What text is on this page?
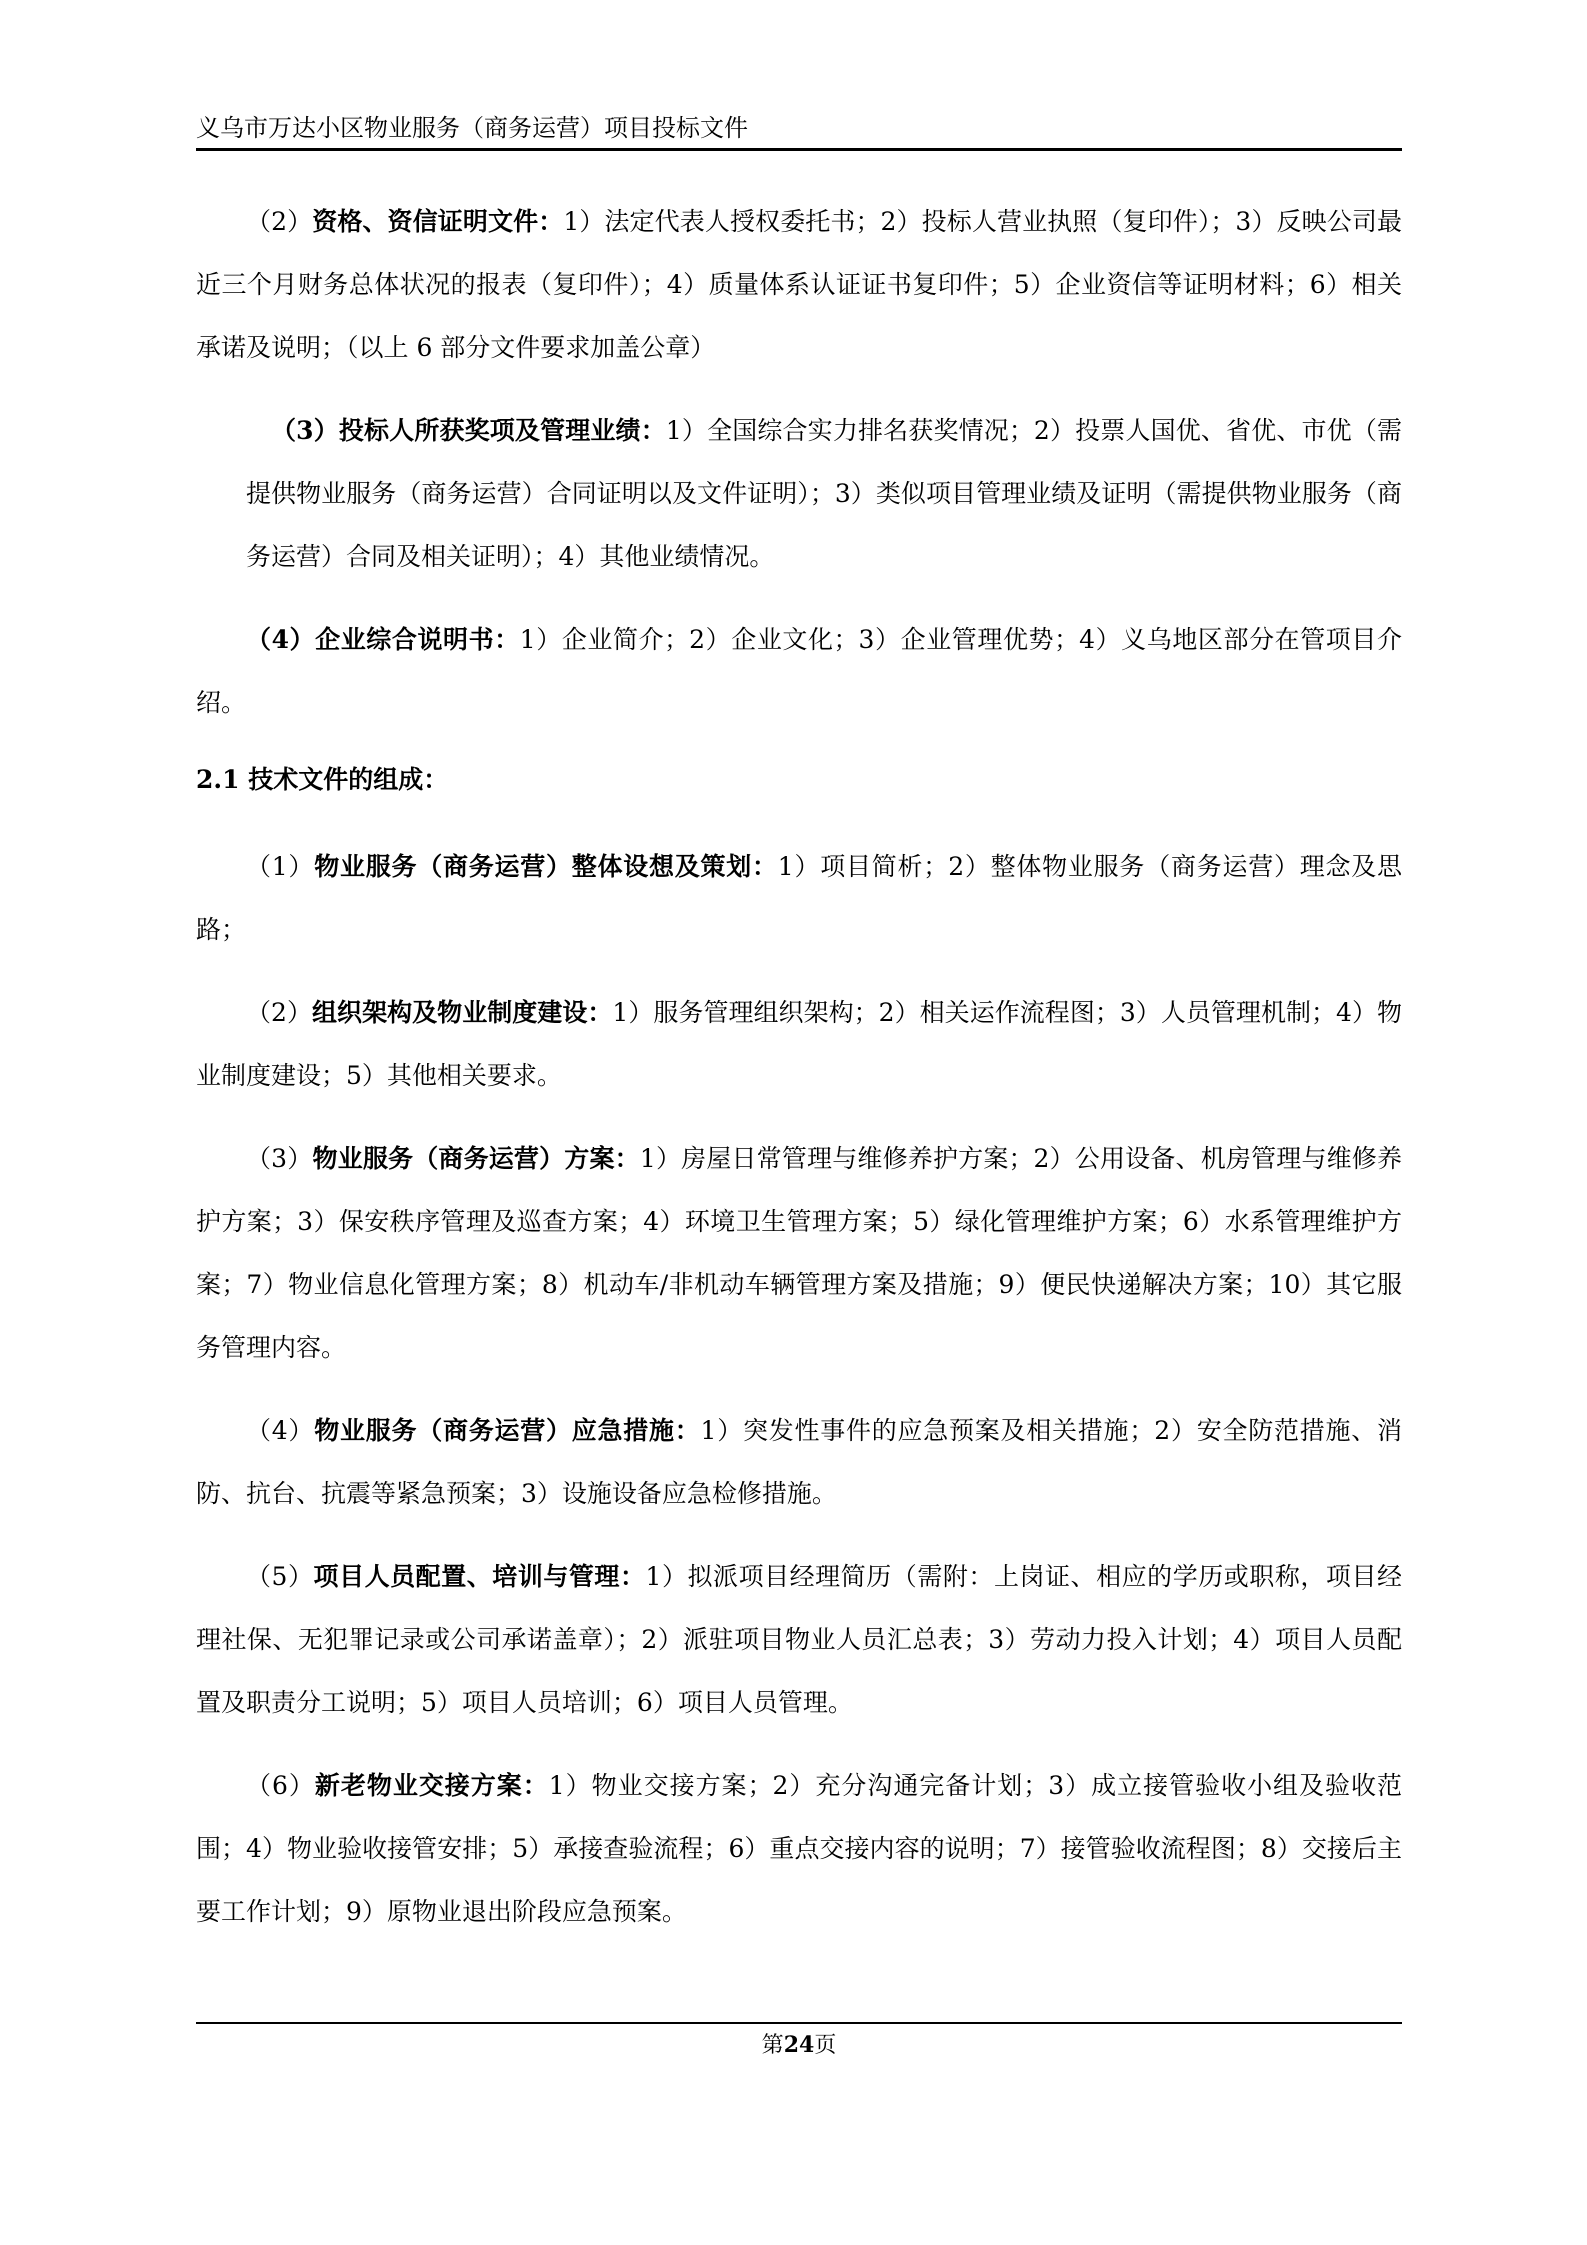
义乌市万达小区物业服务（商务运营）项目投标文件

（2）资格、资信证明文件：1）法定代表人授权委托书；2）投标人营业执照（复印件）；3）反映公司最近三个月财务总体状况的报表（复印件）；4）质量体系认证证书复印件；5）企业资信等证明材料；6）相关承诺及说明；（以上 6 部分文件要求加盖公章）

（3）投标人所获奖项及管理业绩：1）全国综合实力排名获奖情况；2）投票人国优、省优、市优（需提供物业服务（商务运营）合同证明以及文件证明）；3）类似项目管理业绩及证明（需提供物业服务（商务运营）合同及相关证明）；4）其他业绩情况。

（4）企业综合说明书：1）企业简介；2）企业文化；3）企业管理优势；4）义乌地区部分在管项目介绍。

2.1 技术文件的组成：

（1）物业服务（商务运营）整体设想及策划：1）项目简析；2）整体物业服务（商务运营）理念及思路；

（2）组织架构及物业制度建设：1）服务管理组织架构；2）相关运作流程图；3）人员管理机制；4）物业制度建设；5）其他相关要求。

（3）物业服务（商务运营）方案：1）房屋日常管理与维修养护方案；2）公用设备、机房管理与维修养护方案；3）保安秩序管理及巡查方案；4）环境卫生管理方案；5）绿化管理维护方案；6）水系管理维护方案；7）物业信息化管理方案；8）机动车/非机动车辆管理方案及措施；9）便民快递解决方案；10）其它服务管理内容。

（4）物业服务（商务运营）应急措施：1）突发性事件的应急预案及相关措施；2）安全防范措施、消防、抗台、抗震等紧急预案；3）设施设备应急检修措施。

（5）项目人员配置、培训与管理：1）拟派项目经理简历（需附：上岗证、相应的学历或职称，项目经理社保、无犯罪记录或公司承诺盖章）；2）派驻项目物业人员汇总表；3）劳动力投入计划；4）项目人员配置及职责分工说明；5）项目人员培训；6）项目人员管理。

（6）新老物业交接方案：1）物业交接方案；2）充分沟通完备计划；3）成立接管验收小组及验收范围；4）物业验收接管安排；5）承接查验流程；6）重点交接内容的说明；7）接管验收流程图；8）交接后主要工作计划；9）原物业退出阶段应急预案。

第24页
